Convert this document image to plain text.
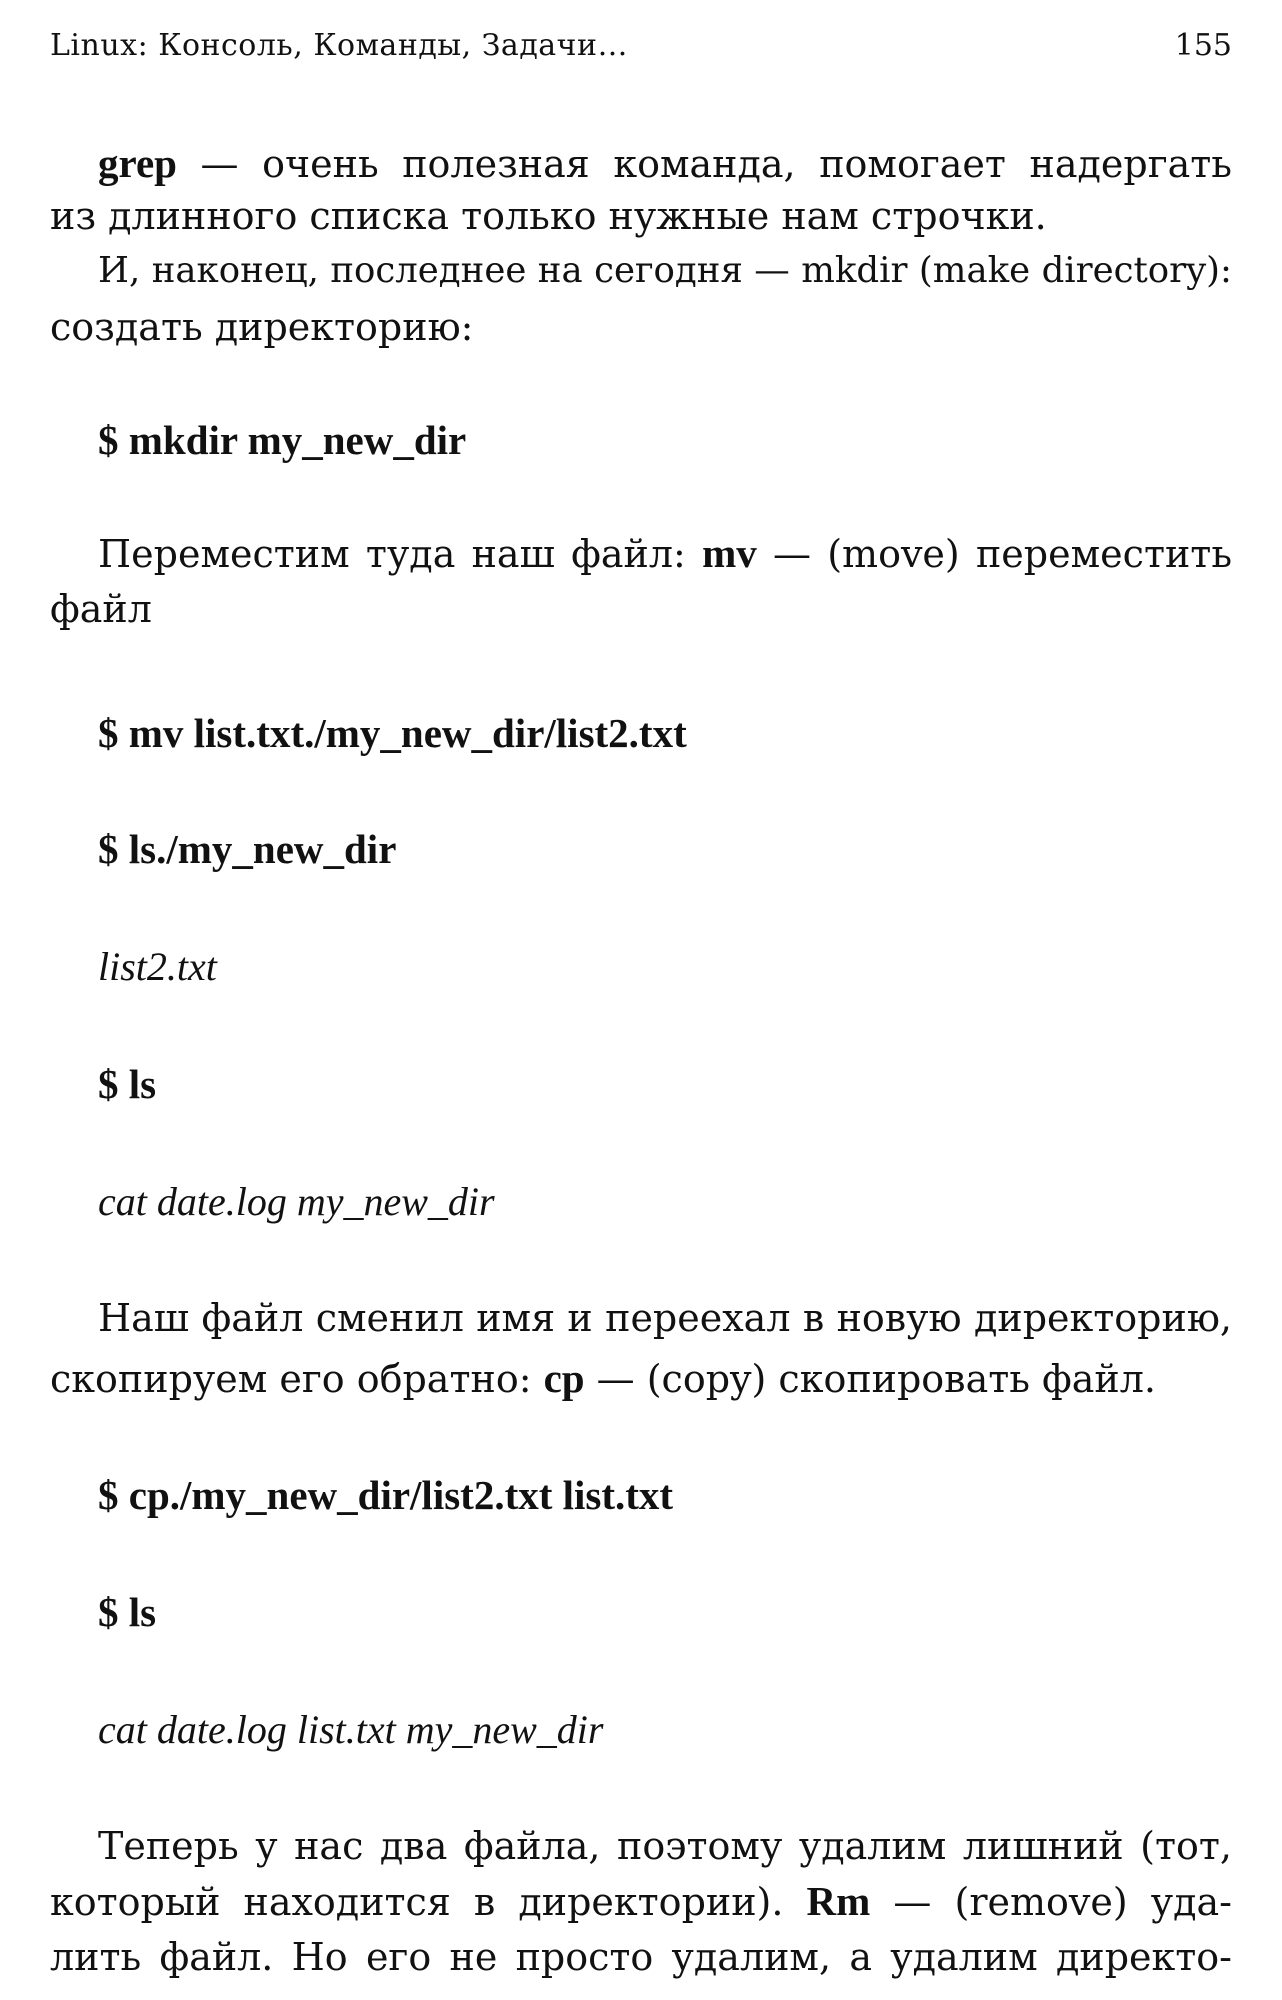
Linux: Консоль, Команды, Задачи…	155
grep — очень полезная команда, помогает надергать
из длинного списка только нужные нам строчки.
И, наконец, последнее на сегодня — mkdir (make directory):
создать директорию:
$ mkdir my_new_dir
Переместим туда наш файл: mv — (move) переместить
файл
$ mv list.txt./my_new_dir/list2.txt
$ ls./my_new_dir
list2.txt
$ ls
cat date.log my_new_dir
Наш файл сменил имя и переехал в новую директорию,
скопируем его обратно: cp — (copy) скопировать файл.
$ cp./my_new_dir/list2.txt list.txt
$ ls
cat date.log list.txt my_new_dir
Теперь у нас два файла, поэтому удалим лишний (тот,
который находится в директории). Rm — (remove) уда-
лить файл. Но его не просто удалим, а удалим директо-
